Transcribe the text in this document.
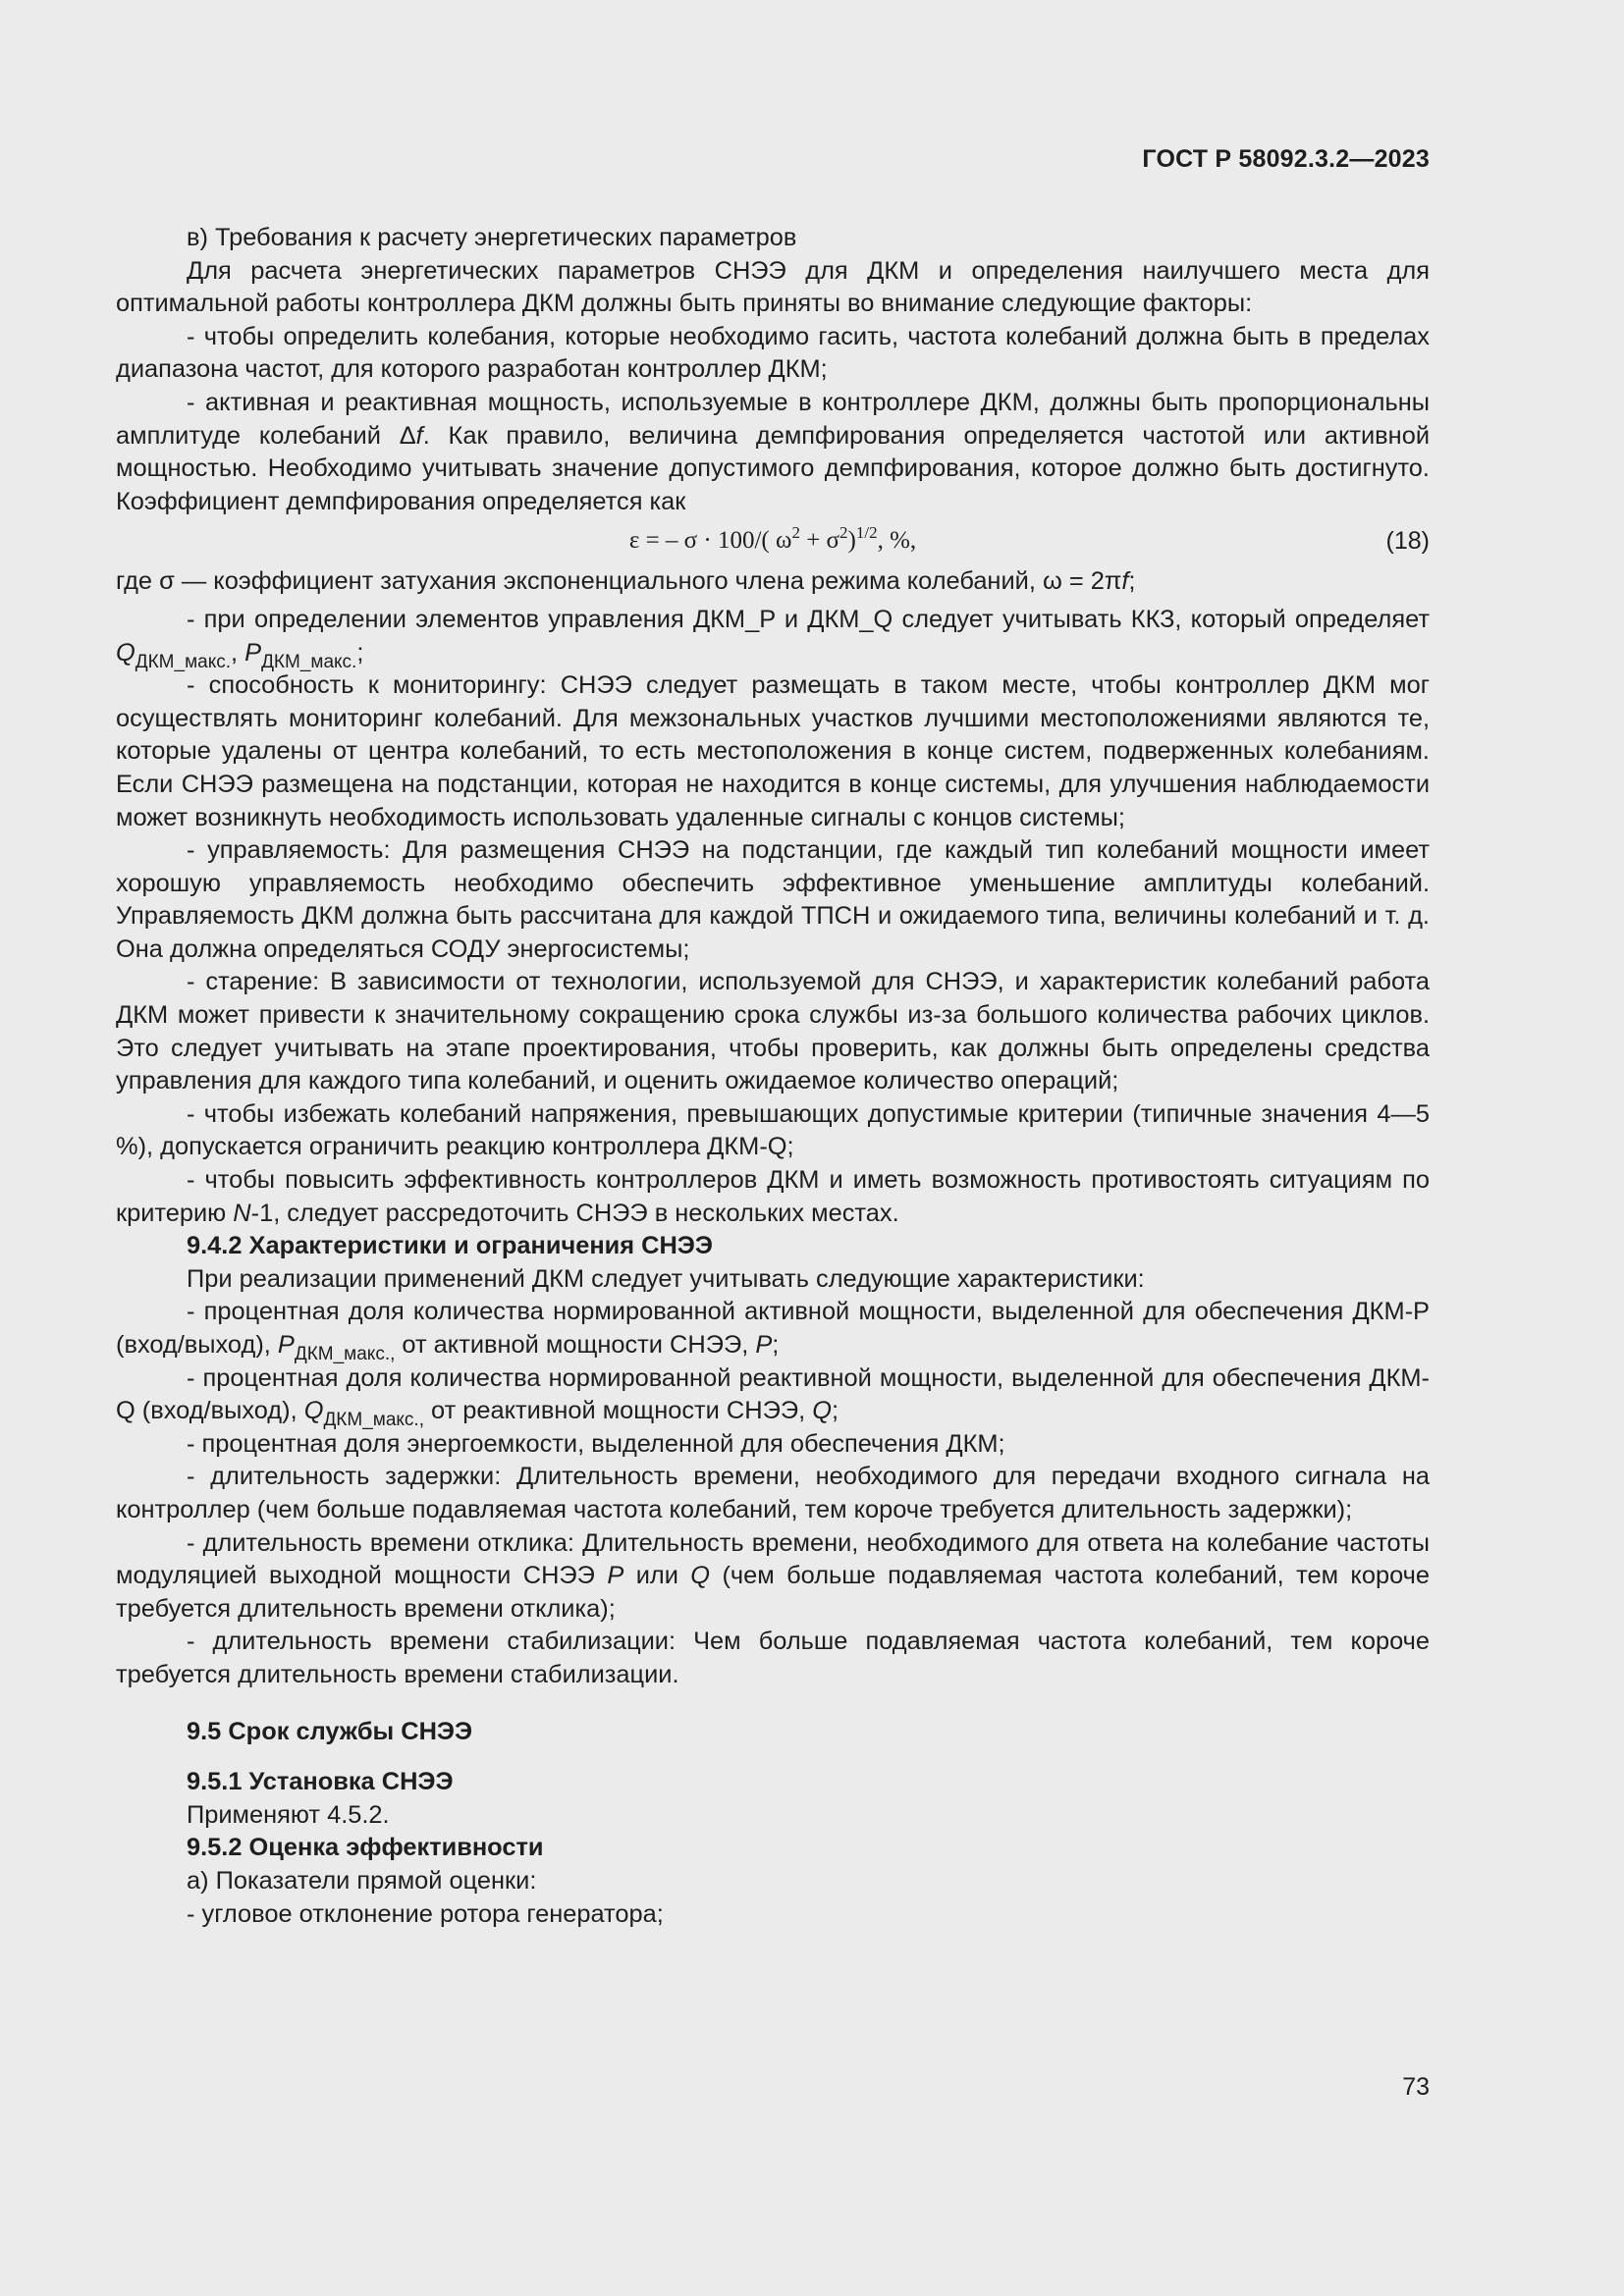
ГОСТ Р 58092.3.2—2023

в) Требования к расчету энергетических параметров

Для расчета энергетических параметров СНЭЭ для ДКМ и определения наилучшего места для оптимальной работы контроллера ДКМ должны быть приняты во внимание следующие факторы:

- чтобы определить колебания, которые необходимо гасить, частота колебаний должна быть в пределах диапазона частот, для которого разработан контроллер ДКМ;

- активная и реактивная мощность, используемые в контроллере ДКМ, должны быть пропорциональны амплитуде колебаний Δf. Как правило, величина демпфирования определяется частотой или активной мощностью. Необходимо учитывать значение допустимого демпфирования, которое должно быть достигнуто. Коэффициент демпфирования определяется как

ε = – σ · 100/( $\omega^2 + \sigma^2)^{1/2}$, %,	(18)

где σ — коэффициент затухания экспоненциального члена режима колебаний, ω = 2πf;

- при определении элементов управления ДКМ_P и ДКМ_Q следует учитывать ККЗ, который определяет $Q_{ДКМ\_макс.}$, $P_{ДКМ\_макс.}$;

- способность к мониторингу: СНЭЭ следует размещать в таком месте, чтобы контроллер ДКМ мог осуществлять мониторинг колебаний. Для межзональных участков лучшими местоположениями являются те, которые удалены от центра колебаний, то есть местоположения в конце систем, подверженных колебаниям. Если СНЭЭ размещена на подстанции, которая не находится в конце системы, для улучшения наблюдаемости может возникнуть необходимость использовать удаленные сигналы с концов системы;

- управляемость: Для размещения СНЭЭ на подстанции, где каждый тип колебаний мощности имеет хорошую управляемость необходимо обеспечить эффективное уменьшение амплитуды колебаний. Управляемость ДКМ должна быть рассчитана для каждой ТПСН и ожидаемого типа, величины колебаний и т. д. Она должна определяться СОДУ энергосистемы;

- старение: В зависимости от технологии, используемой для СНЭЭ, и характеристик колебаний работа ДКМ может привести к значительному сокращению срока службы из-за большого количества рабочих циклов. Это следует учитывать на этапе проектирования, чтобы проверить, как должны быть определены средства управления для каждого типа колебаний, и оценить ожидаемое количество операций;

- чтобы избежать колебаний напряжения, превышающих допустимые критерии (типичные значения 4—5 %), допускается ограничить реакцию контроллера ДКМ-Q;

- чтобы повысить эффективность контроллеров ДКМ и иметь возможность противостоять ситуациям по критерию N-1, следует рассредоточить СНЭЭ в нескольких местах.

9.4.2 Характеристики и ограничения СНЭЭ

При реализации применений ДКМ следует учитывать следующие характеристики:

- процентная доля количества нормированной активной мощности, выделенной для обеспечения ДКМ-Р (вход/выход), $P_{ДКМ\_макс.,}$ от активной мощности СНЭЭ, P;

- процентная доля количества нормированной реактивной мощности, выделенной для обеспечения ДКМ-Q (вход/выход), $Q_{ДКМ\_макс.,}$ от реактивной мощности СНЭЭ, Q;

- процентная доля энергоемкости, выделенной для обеспечения ДКМ;

- длительность задержки: Длительность времени, необходимого для передачи входного сигнала на контроллер (чем больше подавляемая частота колебаний, тем короче требуется длительность задержки);

- длительность времени отклика: Длительность времени, необходимого для ответа на колебание частоты модуляцией выходной мощности СНЭЭ P или Q (чем больше подавляемая частота колебаний, тем короче требуется длительность времени отклика);

- длительность времени стабилизации: Чем больше подавляемая частота колебаний, тем короче требуется длительность времени стабилизации.

9.5 Срок службы СНЭЭ

9.5.1 Установка СНЭЭ

Применяют 4.5.2.

9.5.2 Оценка эффективности

а) Показатели прямой оценки:

- угловое отклонение ротора генератора;

73
